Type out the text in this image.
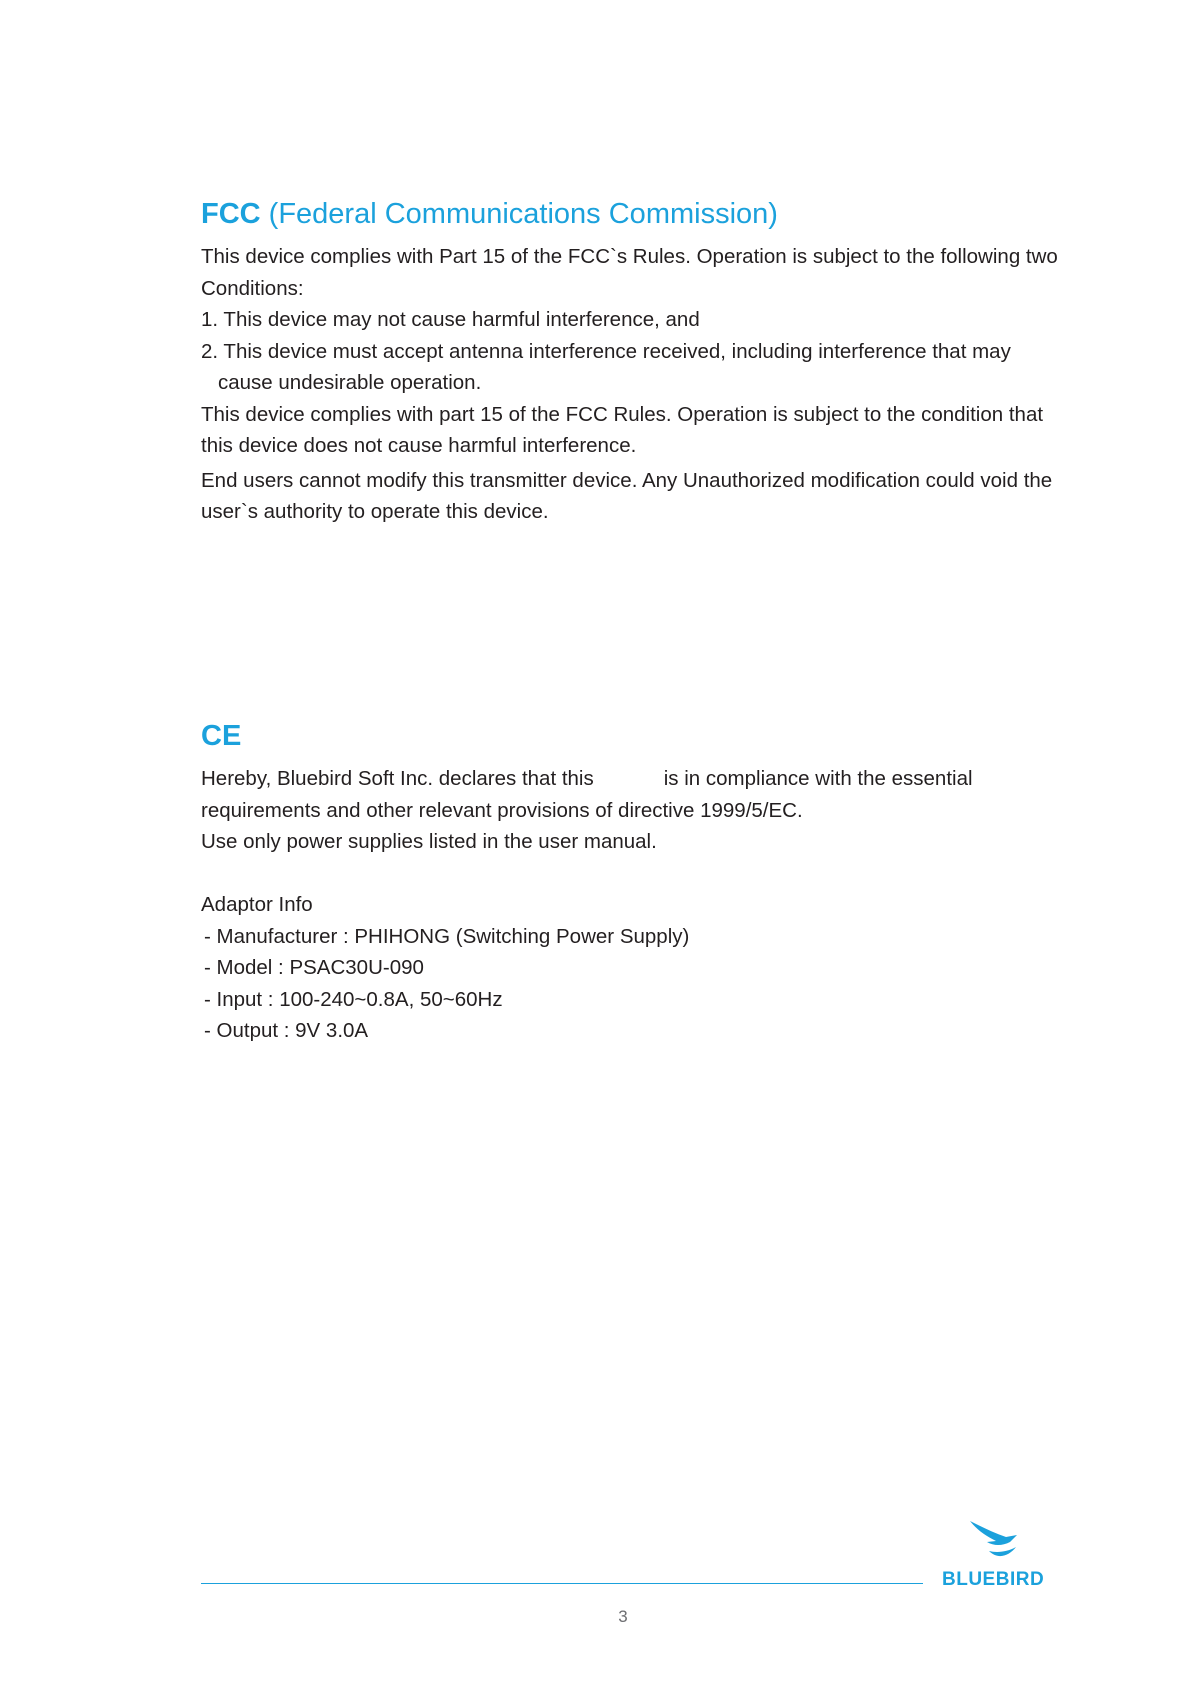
FCC (Federal Communications Commission)

This device complies with Part 15 of the FCC`s Rules. Operation is subject to the following two Conditions:

1. This device may not cause harmful interference, and

2. This device must accept antenna interference received, including interference that may cause undesirable operation.

This device complies with part 15 of the FCC Rules. Operation is subject to the condition that this device does not cause harmful interference.

End users cannot modify this transmitter device. Any Unauthorized modification could void the user`s authority to operate this device.

CE

Hereby, Bluebird Soft Inc. declares that this	is in compliance with the essential requirements and other relevant provisions of directive 1999/5/EC.

Use only power supplies listed in the user manual.

Adaptor Info

- Manufacturer : PHIHONG (Switching Power Supply)

- Model : PSAC30U-090

- Input : 100-240~0.8A, 50~60Hz

- Output : 9V 3.0A

BLUEBIRD
3
